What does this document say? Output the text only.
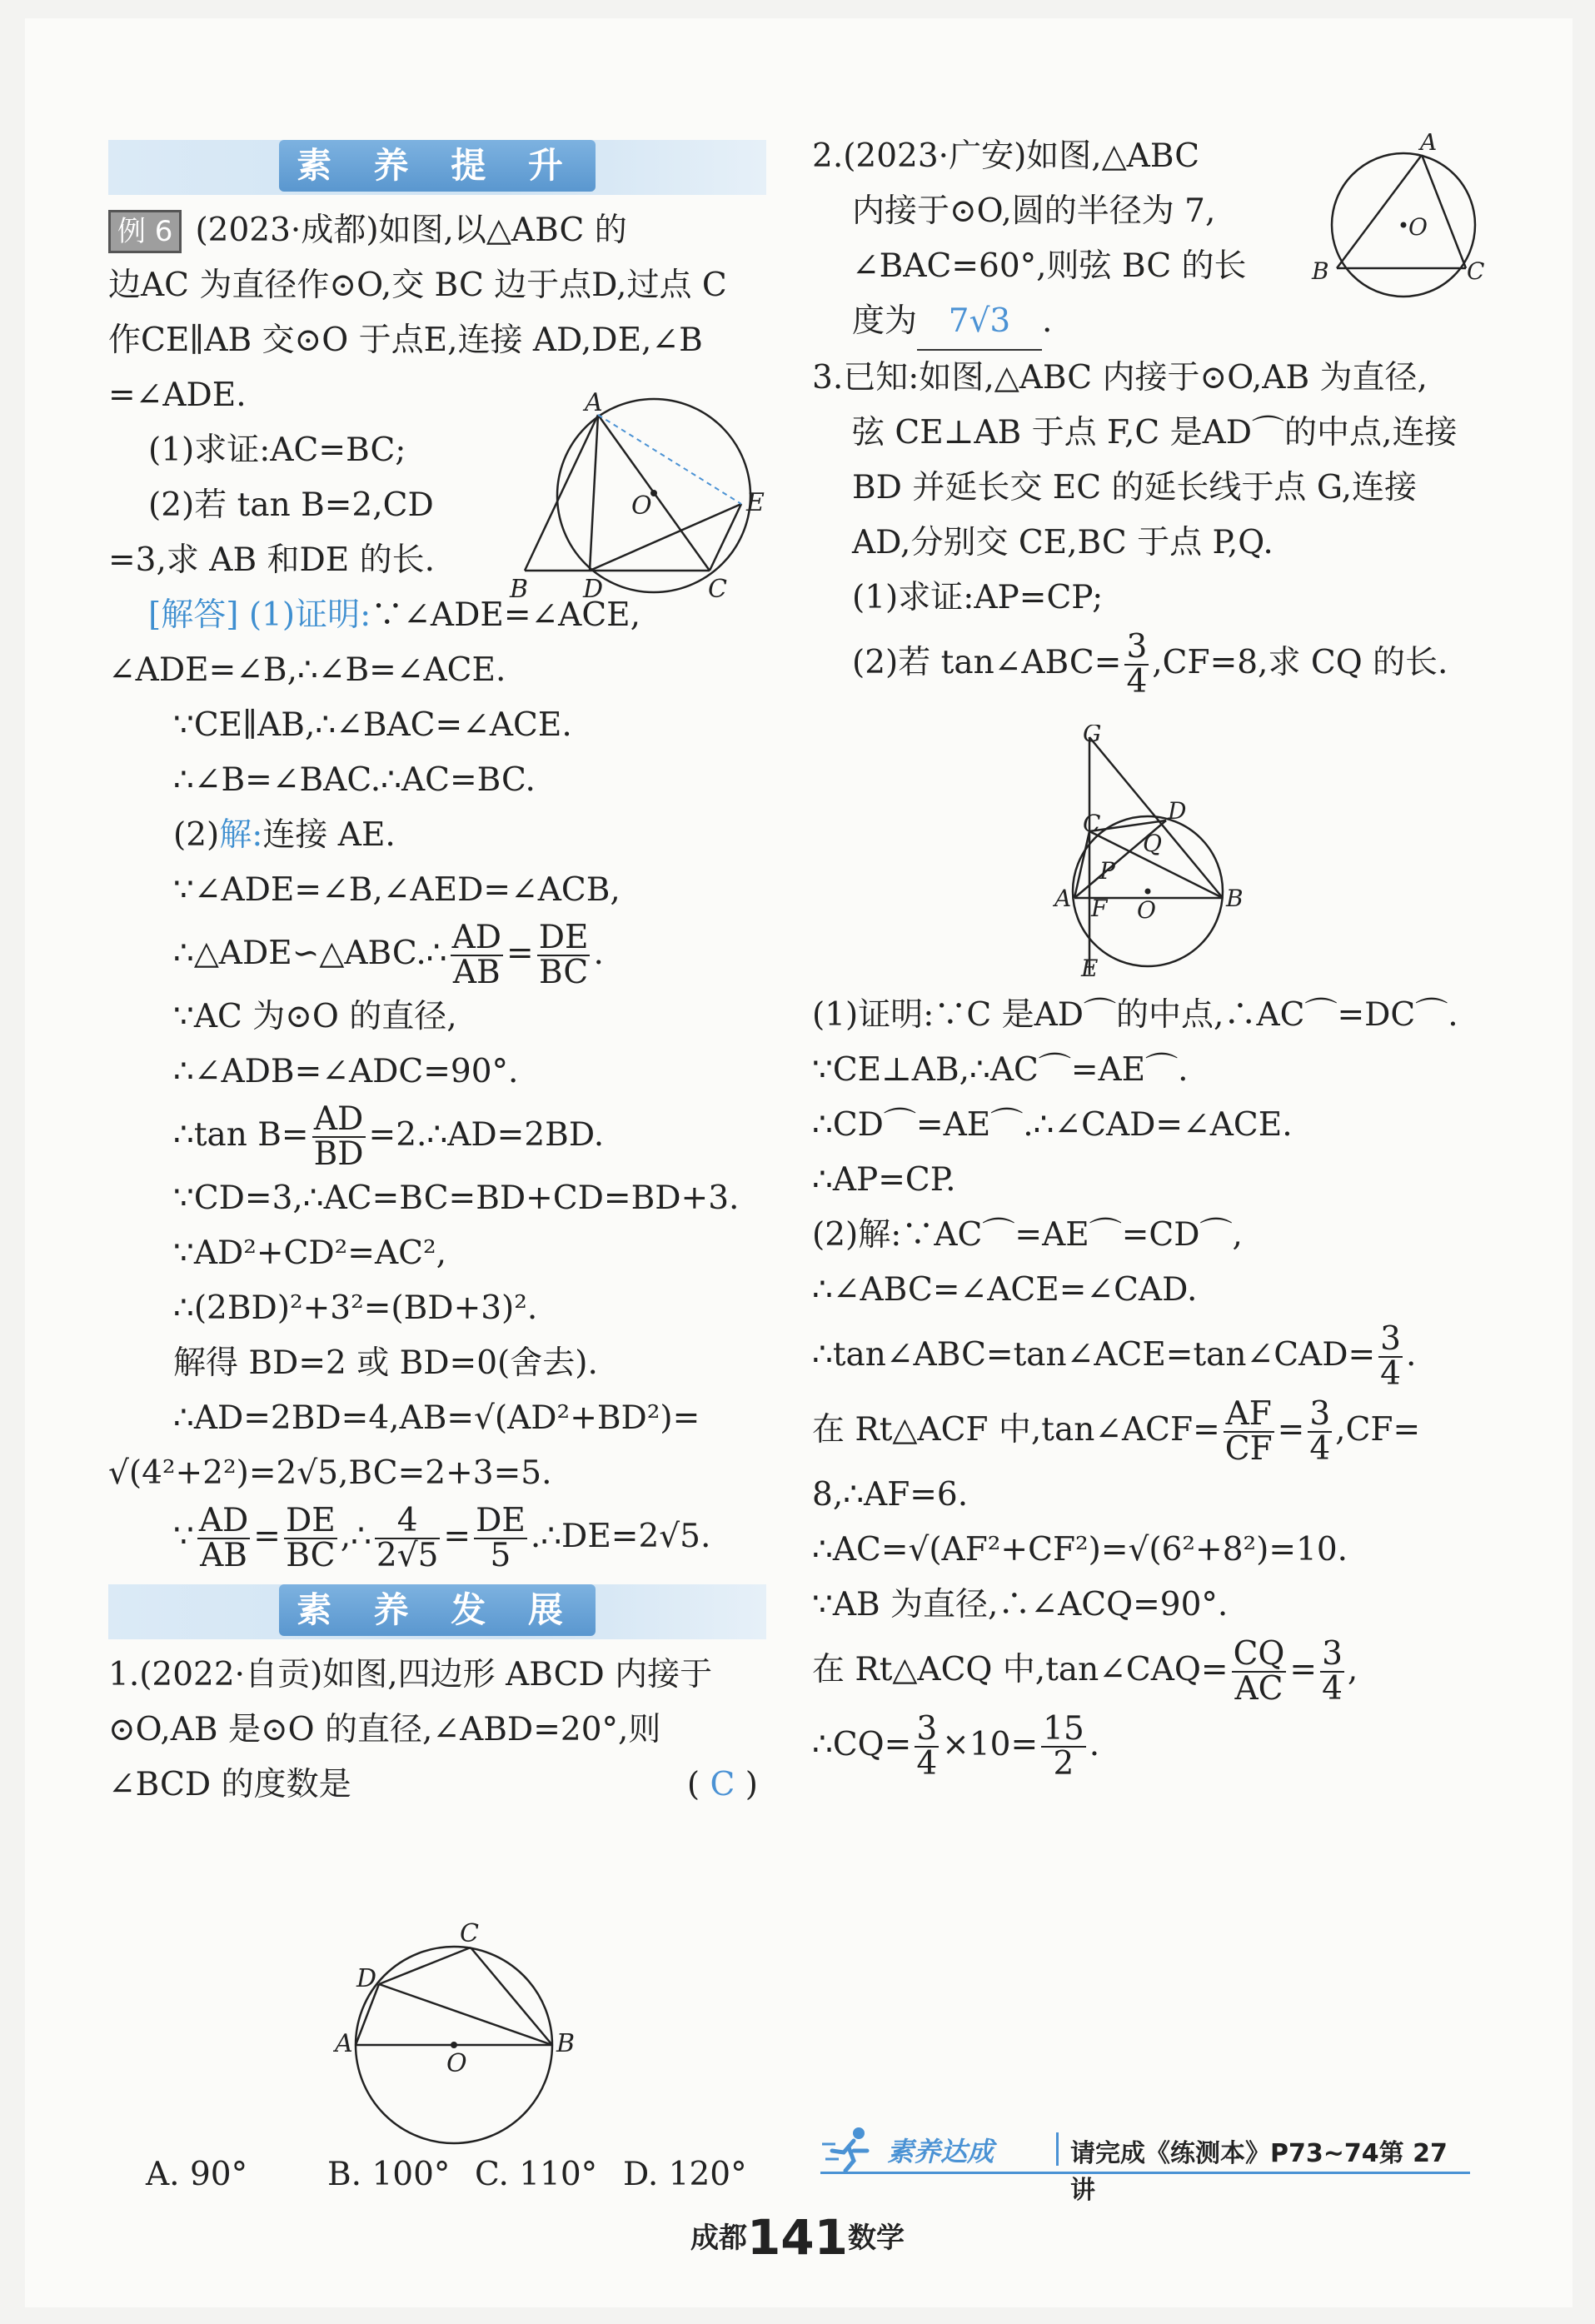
素 养 提 升
例 6 (2023·成都)如图,以△ABC 的
边AC 为直径作⊙O,交 BC 边于点D,过点 C
作CE∥AB 交⊙O 于点E,连接 AD,DE,∠B
=∠ADE.
(1)求证:AC=BC;
(2)若 tan B=2,CD
=3,求 AB 和DE 的长.
[解答] (1)证明:∵∠ADE=∠ACE,
∠ADE=∠B,∴∠B=∠ACE.
∵CE∥AB,∴∠BAC=∠ACE.
∴∠B=∠BAC.∴AC=BC.
(2)解:连接 AE.
∵∠ADE=∠B,∠AED=∠ACB,
∴△ADE∽△ABC.∴ $\frac{AD}{AB} = \frac{DE}{BC}$ .
∵AC 为⊙O 的直径,
∴∠ADB=∠ADC=90°.
∴tan $B= \frac{AD}{BD}$ =2.∴AD=2BD.
∵CD=3,∴AC=BC=BD+CD=BD+3.
∵AD²+CD²=AC²,
∴(2BD)²+3²=(BD+3)².
解得 BD=2 或 BD=0(舍去).
∴AD=2BD=4,AB=√(AD²+BD²)=
√(4²+2²)=2√5,BC=2+3=5.
∵ $\frac{AD}{AB} = \frac{DE}{BC}$ ,∴ $\frac{4}{2√5} = \frac{DE}{5}$ .∴DE=2√5.
素 养 发 展
1.(2022·自贡)如图,四边形 ABCD 内接于
⊙O,AB 是⊙O 的直径,∠ABD=20°,则
∠BCD 的度数是	( C )
A
B D	C
E
O
C
D
A
O
B
A. 90° B. 100° C. 110° D. 120°
2.(2023·广安)如图,△ABC
内接于⊙O,圆的半径为 7,
∠BAC=60°,则弦 BC 的长
度为 7√3 .
3.已知:如图,△ABC 内接于⊙O,AB 为直径,
弦 CE⊥AB 于点 F,C 是AD⌒的中点,连接
BD 并延长交 EC 的延长线于点 G,连接
AD,分别交 CE,BC 于点 P,Q.
(1)求证:AP=CP;
(2)若 tan∠ABC= $\frac{3}{4} ,CF=8$,求 CQ 的长.
(1)证明:∵C 是AD⌒的中点,∴AC⌒=DC⌒.
∵CE⊥AB,∴AC⌒=AE⌒.
∴CD⌒=AE⌒.∴∠CAD=∠ACE.
∴AP=CP.
(2)解:∵AC⌒=AE⌒=CD⌒,
∴∠ABC=∠ACE=∠CAD.
∴tan∠ABC=tan∠ACE=tan∠CAD= $\frac{3}{4}$ .
在 Rt△ACF 中,tan∠ACF= $\frac{AF}{CF} = \frac{3}{4} ,CF=$
8,∴AF=6.
∴AC=√(AF²+CF²)=√(6²+8²)=10.
∵AB 为直径,∴∠ACQ=90°.
在 Rt△ACQ 中,tan∠CAQ= $\frac{CQ}{AC} = \frac{3}{4}$ ,
∴CQ= $\frac{3}{4} \times 10= \frac{15}{2}$ .
A
B	C
O
G
C	D
Q
P
A F O	B
E
素养达成	请完成《练测本》P73~74第 27 讲
成都141数学
